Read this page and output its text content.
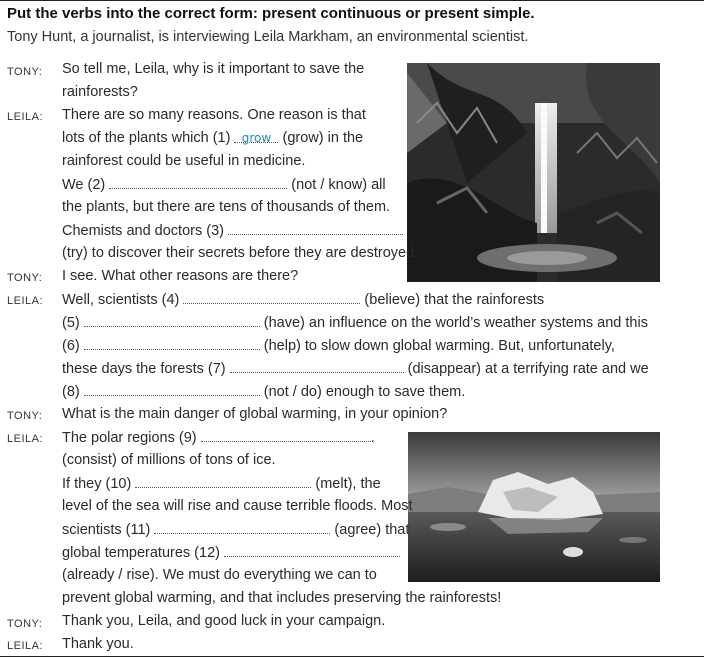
Put the verbs into the correct form: present continuous or present simple.
Tony Hunt, a journalist, is interviewing Leila Markham, an environmental scientist.
TONY:
LEILA:
TONY:
LEILA:
TONY:
LEILA:
TONY:
LEILA:
So tell me, Leila, why is it important to save the
rainforests?
There are so many reasons. One reason is that
lots of the plants which (1) grow (grow) in the
rainforest could be useful in medicine.
We (2)	(not / know) all
the plants, but there are tens of thousands of them.
Chemists and doctors (3)
(try) to discover their secrets before they are destroyed.
I see. What other reasons are there?
Well, scientists (4)	(believe) that the rainforests
(5)	(have) an influence on the world’s weather systems and this
(6)	(help) to slow down global warming. But, unfortunately,
these days the forests (7)	(disappear) at a terrifying rate and we
(8)	(not / do) enough to save them.
What is the main danger of global warming, in your opinion?
The polar regions (9)	.
(consist) of millions of tons of ice.
If they (10)	(melt), the
level of the sea will rise and cause terrible floods. Most
scientists (11)	(agree) that
global temperatures (12)
(already / rise). We must do everything we can to
prevent global warming, and that includes preserving the rainforests!
Thank you, Leila, and good luck in your campaign.
Thank you.
